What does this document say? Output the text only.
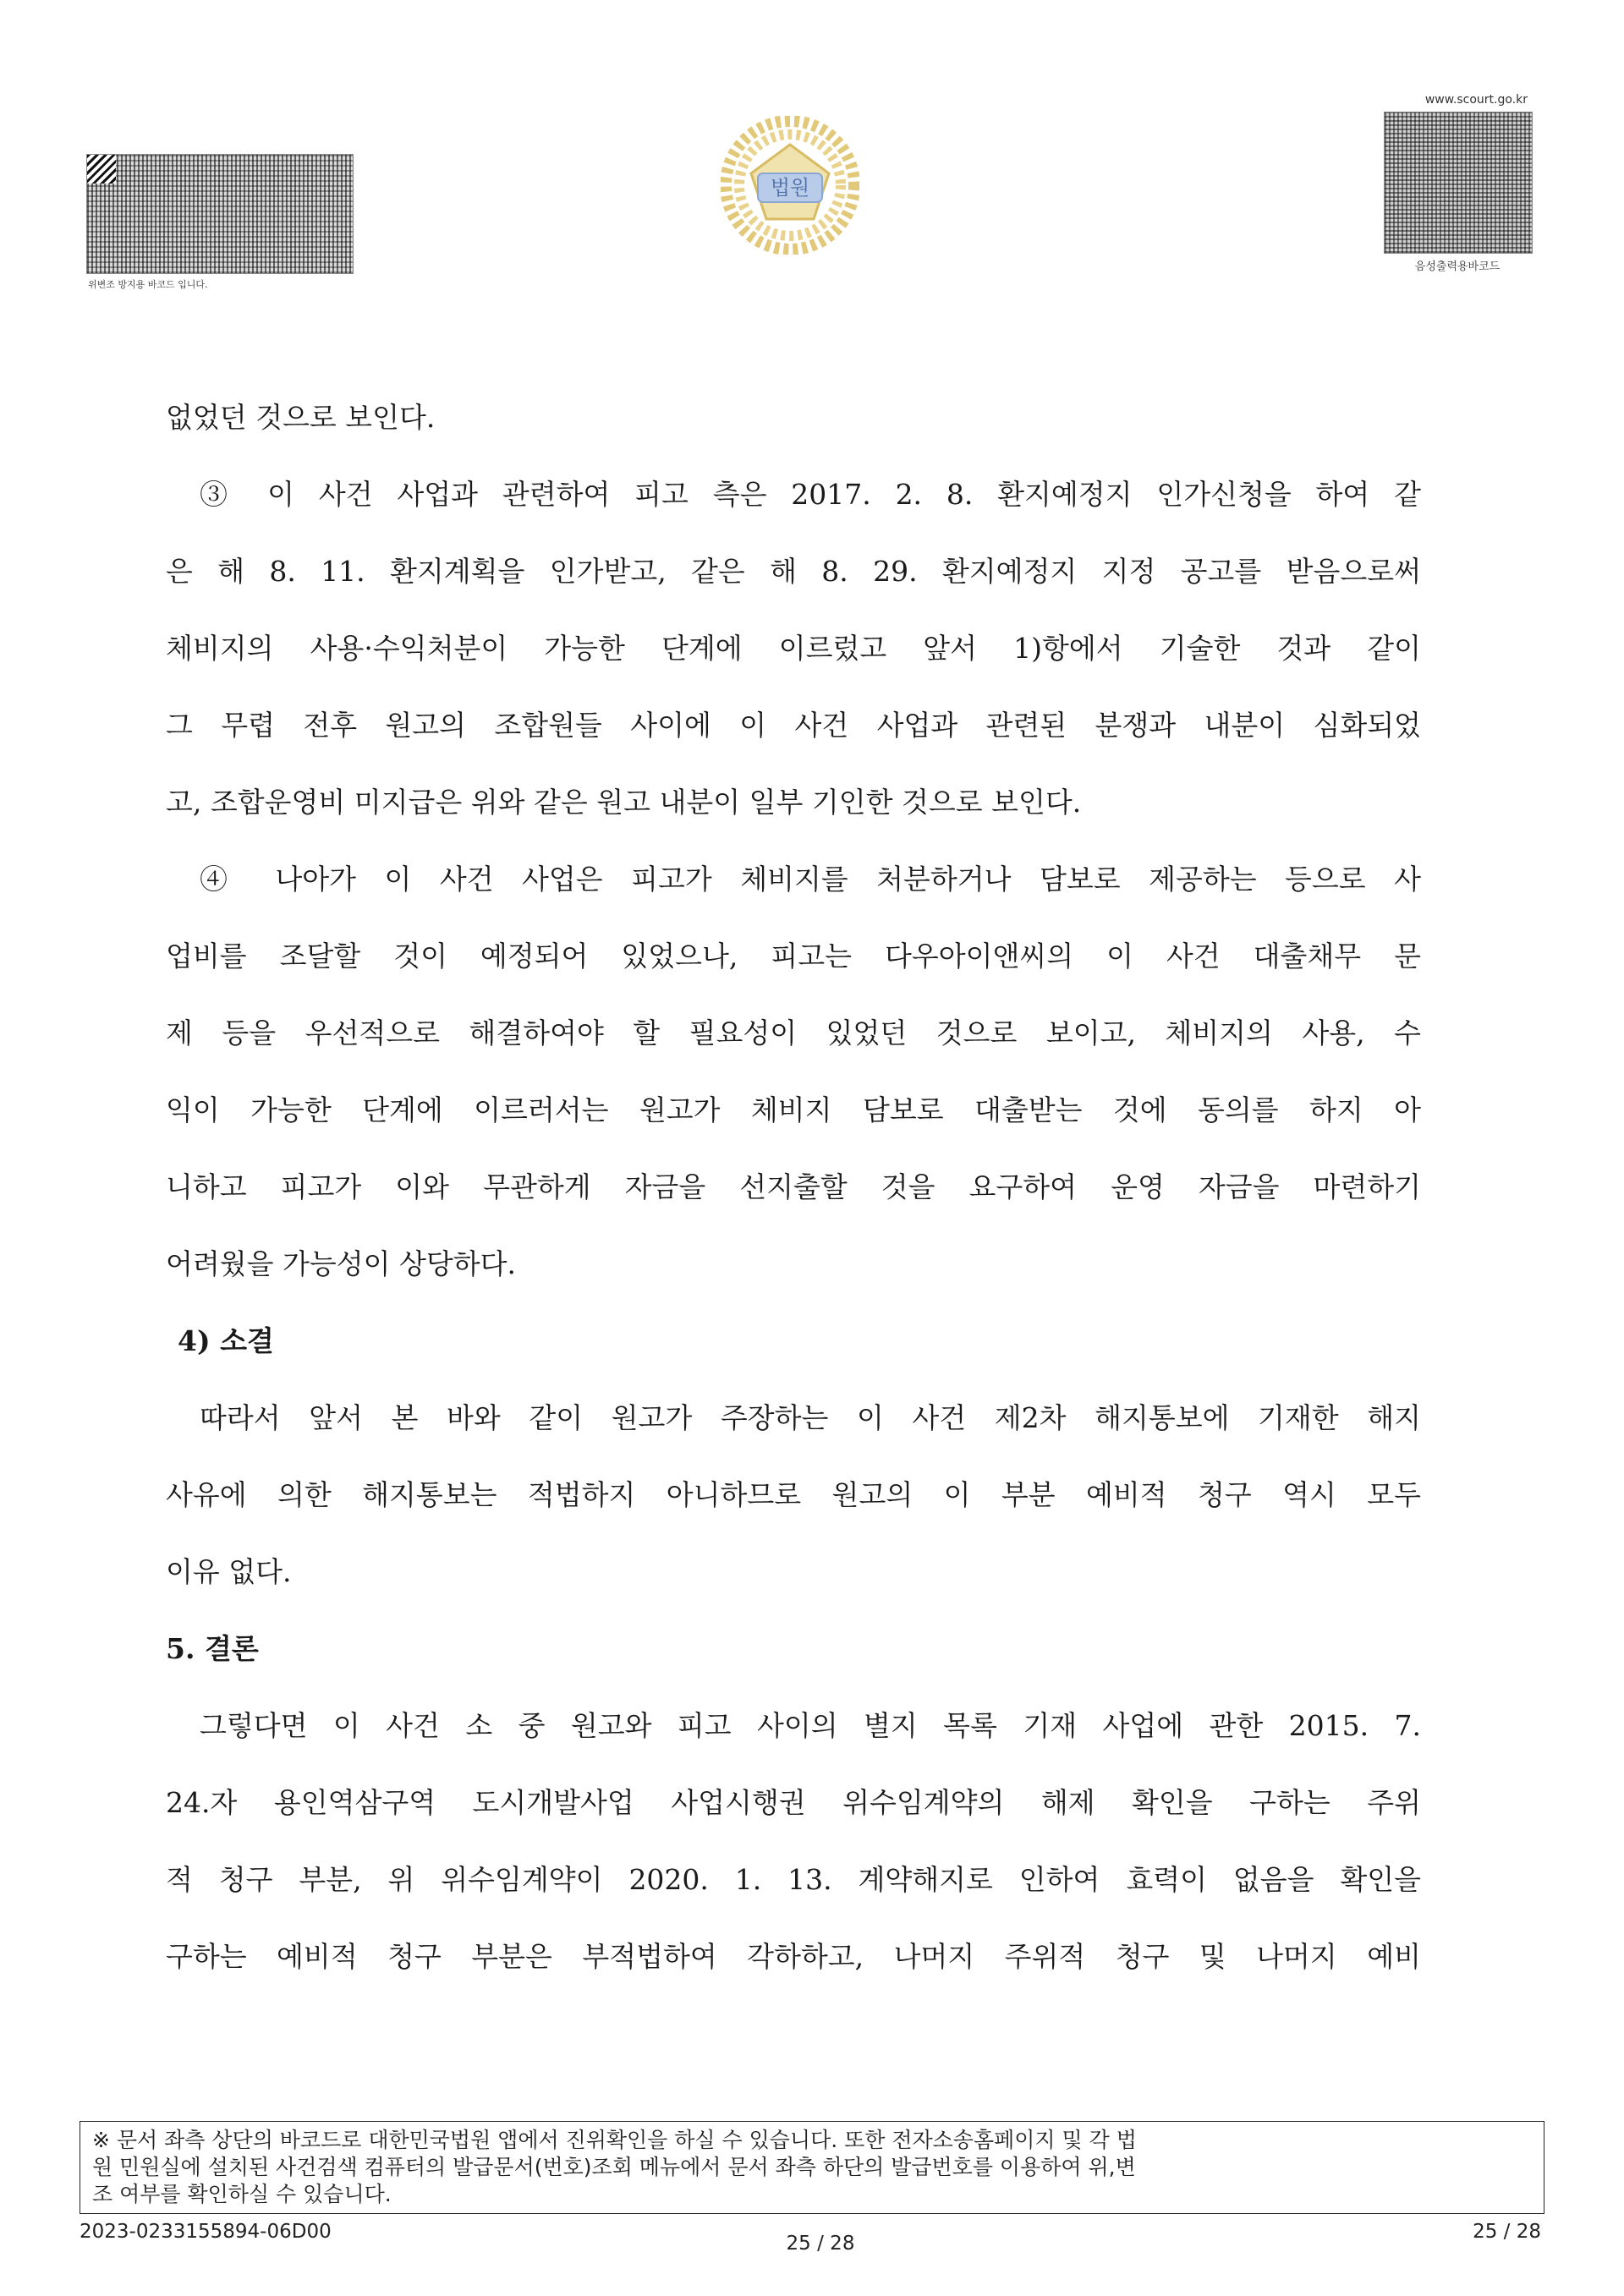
위변조 방지용 바코드 입니다.
법원
www.scourt.go.kr
음성출력용바코드
없었던 것으로 보인다.
③ 이 사건 사업과 관련하여 피고 측은 2017. 2. 8. 환지예정지 인가신청을 하여 같
은 해 8. 11. 환지계획을 인가받고, 같은 해 8. 29. 환지예정지 지정 공고를 받음으로써
체비지의 사용·수익처분이 가능한 단계에 이르렀고 앞서 1)항에서 기술한 것과 같이
그 무렵 전후 원고의 조합원들 사이에 이 사건 사업과 관련된 분쟁과 내분이 심화되었
고, 조합운영비 미지급은 위와 같은 원고 내분이 일부 기인한 것으로 보인다.
④ 나아가 이 사건 사업은 피고가 체비지를 처분하거나 담보로 제공하는 등으로 사
업비를 조달할 것이 예정되어 있었으나, 피고는 다우아이앤씨의 이 사건 대출채무 문
제 등을 우선적으로 해결하여야 할 필요성이 있었던 것으로 보이고, 체비지의 사용, 수
익이 가능한 단계에 이르러서는 원고가 체비지 담보로 대출받는 것에 동의를 하지 아
니하고 피고가 이와 무관하게 자금을 선지출할 것을 요구하여 운영 자금을 마련하기
어려웠을 가능성이 상당하다.
4) 소결
따라서 앞서 본 바와 같이 원고가 주장하는 이 사건 제2차 해지통보에 기재한 해지
사유에 의한 해지통보는 적법하지 아니하므로 원고의 이 부분 예비적 청구 역시 모두
이유 없다.
5. 결론
그렇다면 이 사건 소 중 원고와 피고 사이의 별지 목록 기재 사업에 관한 2015. 7.
24.자 용인역삼구역 도시개발사업 사업시행권 위수임계약의 해제 확인을 구하는 주위
적 청구 부분, 위 위수임계약이 2020. 1. 13. 계약해지로 인하여 효력이 없음을 확인을
구하는 예비적 청구 부분은 부적법하여 각하하고, 나머지 주위적 청구 및 나머지 예비
※ 문서 좌측 상단의 바코드로 대한민국법원 앱에서 진위확인을 하실 수 있습니다. 또한 전자소송홈페이지 및 각 법
원 민원실에 설치된 사건검색 컴퓨터의 발급문서(번호)조회 메뉴에서 문서 좌측 하단의 발급번호를 이용하여 위,변
조 여부를 확인하실 수 있습니다.
2023-0233155894-06D00
25 / 28
25 / 28
